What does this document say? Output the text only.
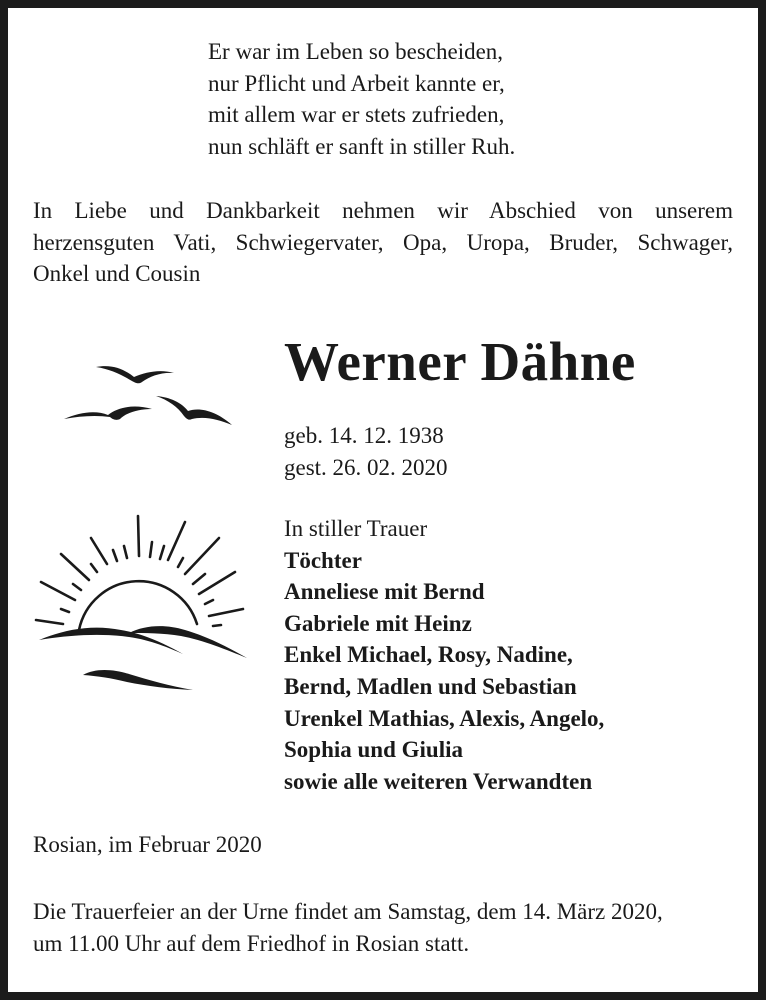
Er war im Leben so bescheiden,
nur Pflicht und Arbeit kannte er,
mit allem war er stets zufrieden,
nun schläft er sanft in stiller Ruh.
In Liebe und Dankbarkeit nehmen wir Abschied von unserem
herzensguten Vati, Schwiegervater, Opa, Uropa, Bruder, Schwager,
Onkel und Cousin
Werner Dähne
geb. 14. 12. 1938
gest. 26. 02. 2020
In stiller Trauer
Töchter
Anneliese mit Bernd
Gabriele mit Heinz
Enkel Michael, Rosy, Nadine,
Bernd, Madlen und Sebastian
Urenkel Mathias, Alexis, Angelo,
Sophia und Giulia
sowie alle weiteren Verwandten
Rosian, im Februar 2020
Die Trauerfeier an der Urne findet am Samstag, dem 14. März 2020,
um 11.00 Uhr auf dem Friedhof in Rosian statt.
